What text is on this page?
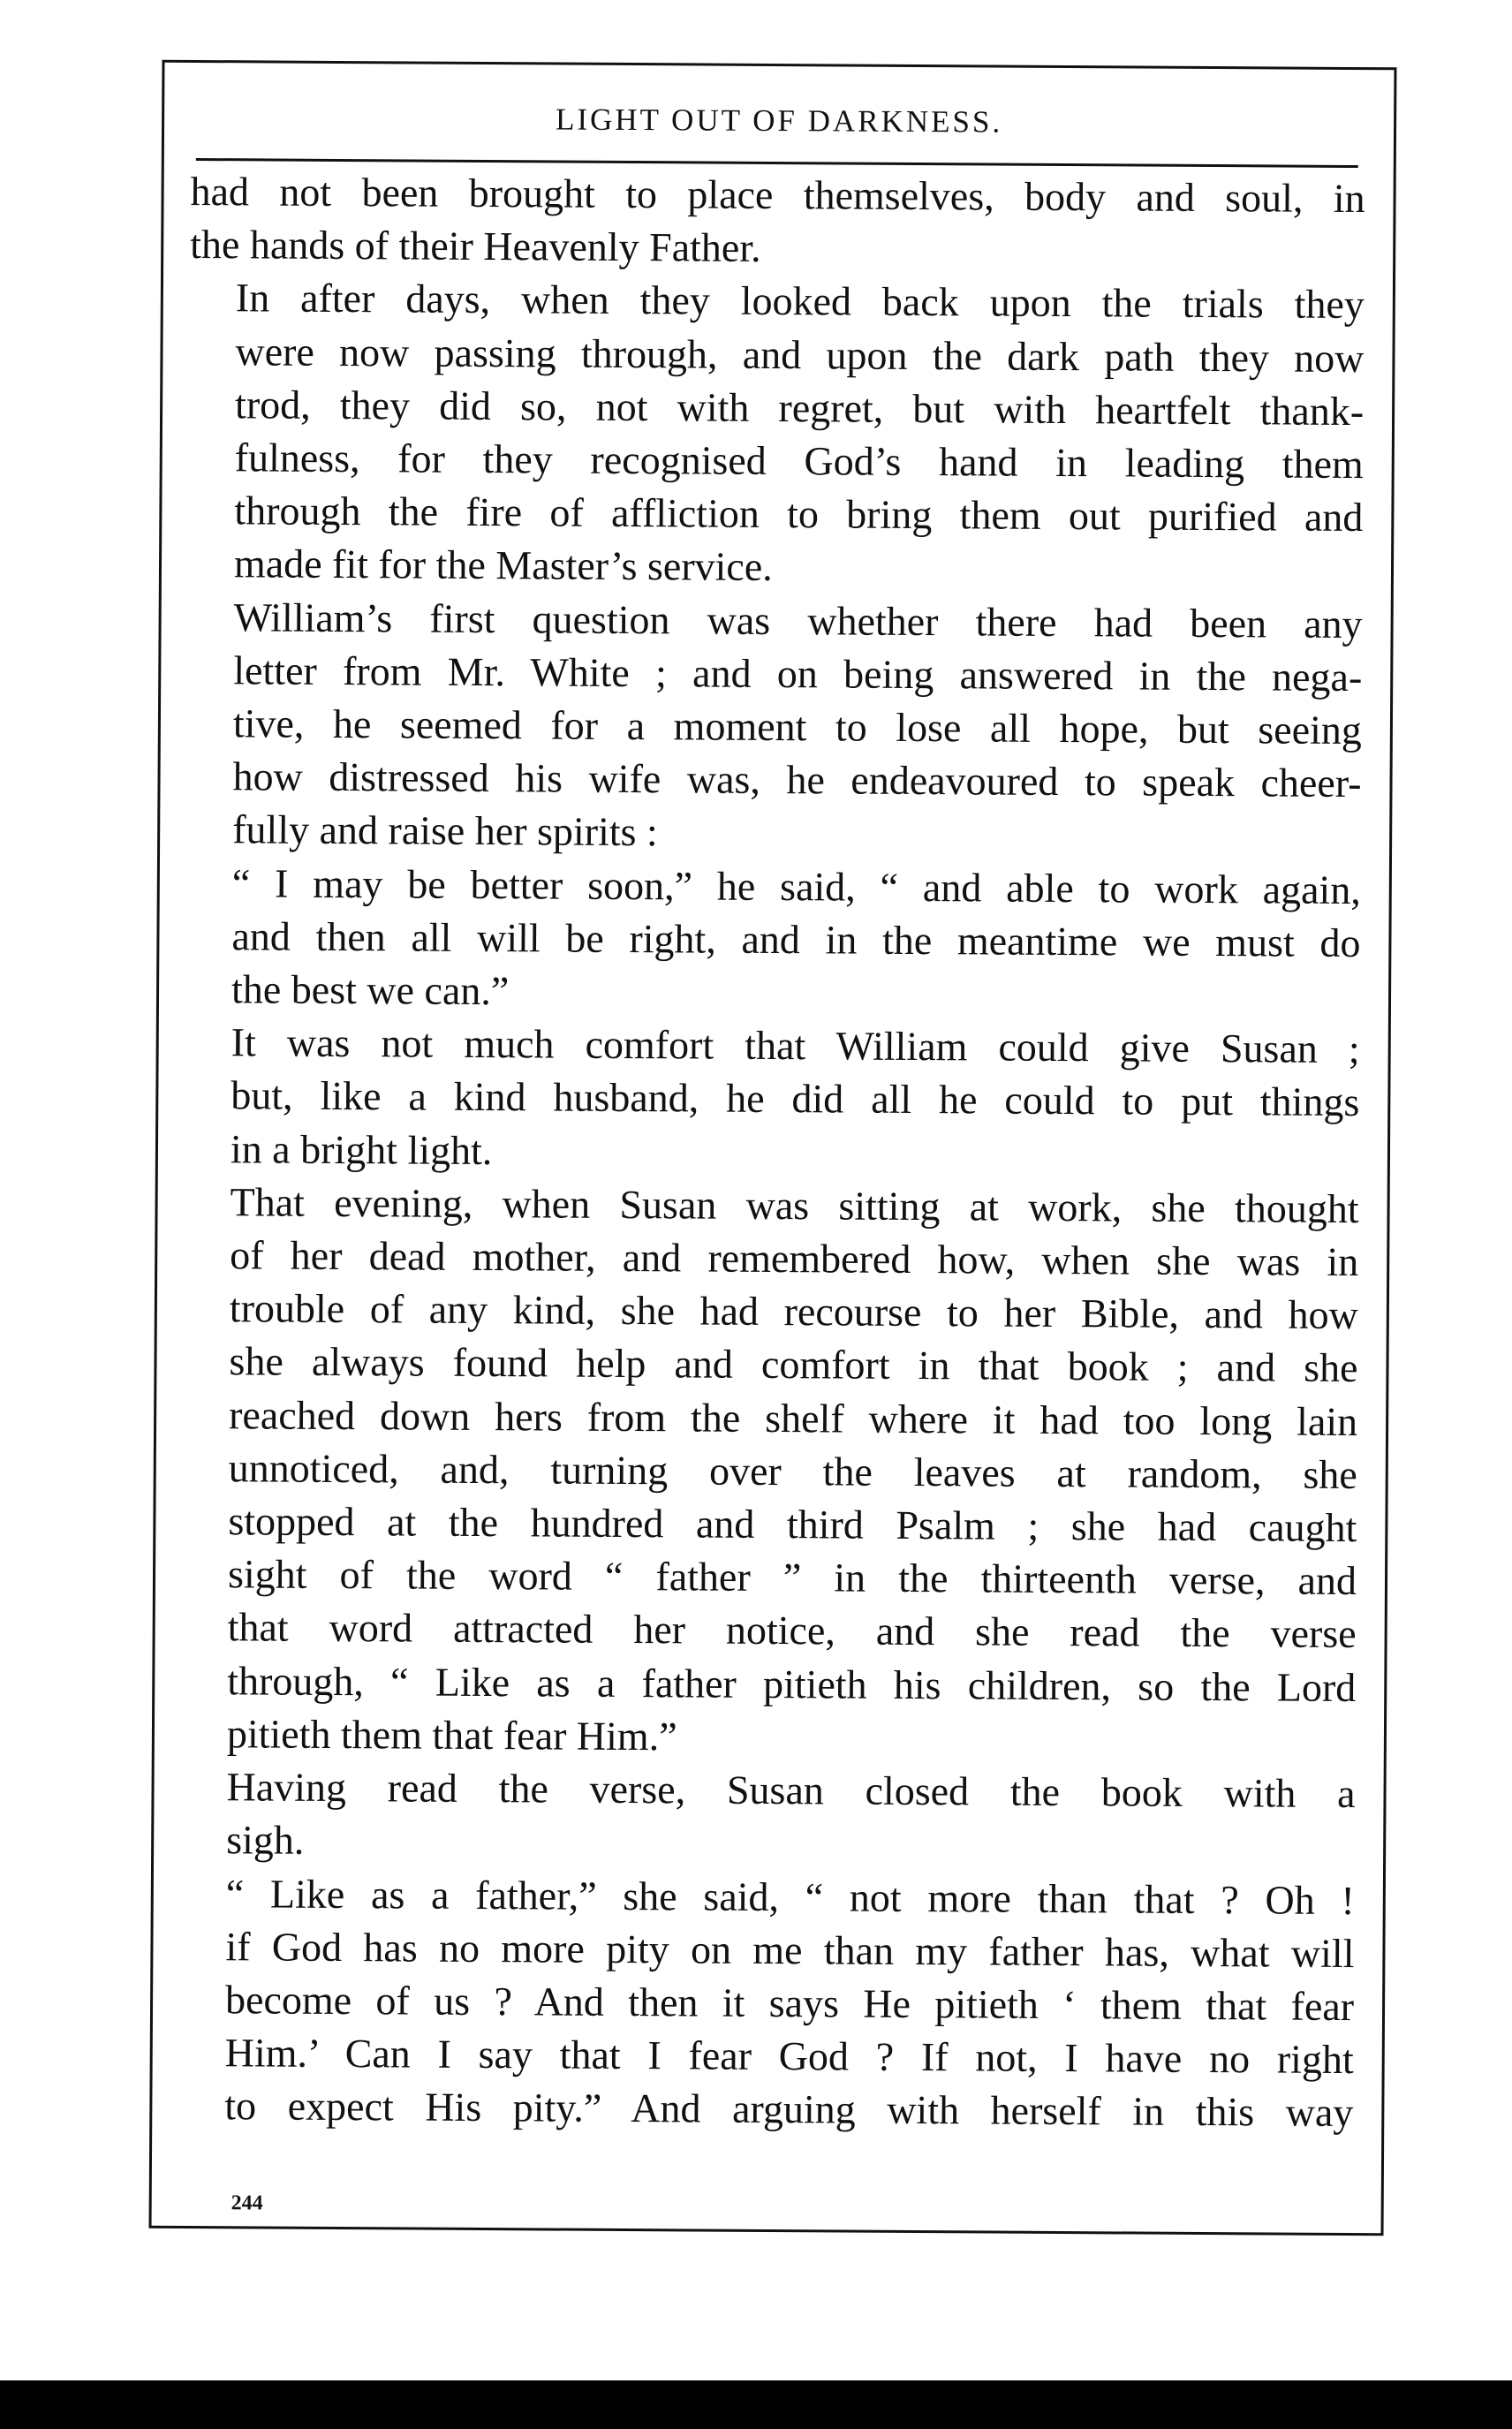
LIGHT OUT OF DARKNESS.

had not been brought to place themselves, body and soul, in
the hands of their Heavenly Father.

In after days, when they looked back upon the trials they
were now passing through, and upon the dark path they now
trod, they did so, not with regret, but with heartfelt thank-
fulness, for they recognised God’s hand in leading them
through the fire of affliction to bring them out purified and
made fit for the Master’s service.

William’s first question was whether there had been any
letter from Mr. White ; and on being answered in the nega-
tive, he seemed for a moment to lose all hope, but seeing
how distressed his wife was, he endeavoured to speak cheer-
fully and raise her spirits :

“ I may be better soon,” he said, “ and able to work again,
and then all will be right, and in the meantime we must do
the best we can.”

It was not much comfort that William could give Susan ;
but, like a kind husband, he did all he could to put things
in a bright light.

That evening, when Susan was sitting at work, she thought
of her dead mother, and remembered how, when she was in
trouble of any kind, she had recourse to her Bible, and how
she always found help and comfort in that book ; and she
reached down hers from the shelf where it had too long lain
unnoticed, and, turning over the leaves at random, she
stopped at the hundred and third Psalm ; she had caught
sight of the word “ father ” in the thirteenth verse, and
that word attracted her notice, and she read the verse
through, “ Like as a father pitieth his children, so the Lord
pitieth them that fear Him.”

Having read the verse, Susan closed the book with a
sigh.

“ Like as a father,” she said, “ not more than that ? Oh !
if God has no more pity on me than my father has, what will
become of us ? And then it says He pitieth ‘ them that fear
Him.’ Can I say that I fear God ? If not, I have no right
to expect His pity.” And arguing with herself in this way

244
